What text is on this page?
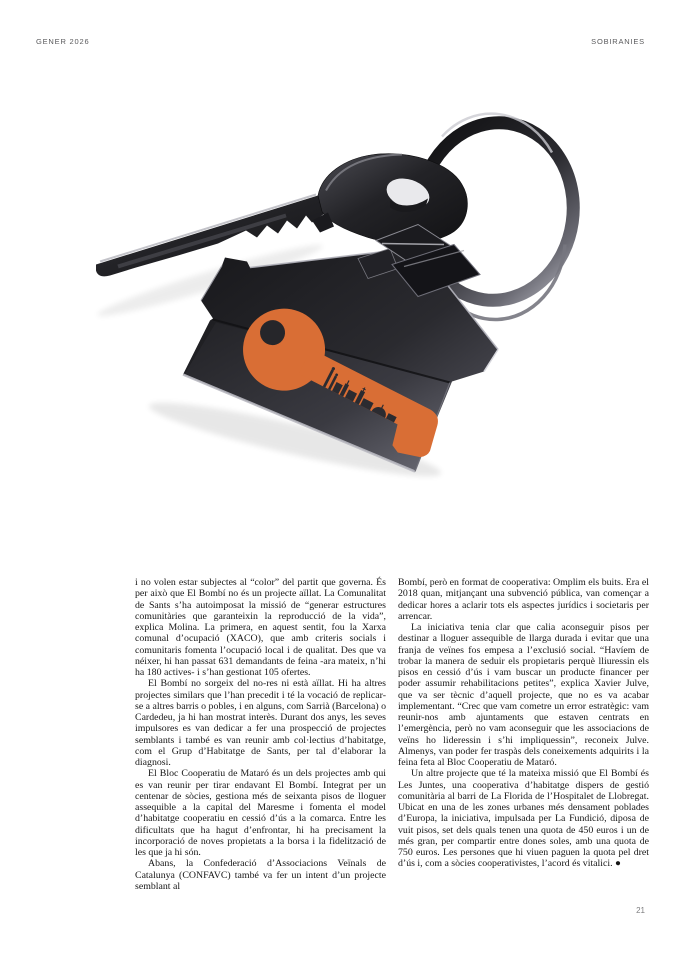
GENER 2026	SOBIRANIES

i no volen estar subjectes al “color” del partit que governa. És per això que El Bombí no és un projecte aïllat. La Comunalitat de Sants s’ha autoimposat la missió de “generar estructures comunitàries que garanteixin la reproducció de la vida”, explica Molina. La primera, en aquest sentit, fou la Xarxa comunal d’ocupació (XACO), que amb criteris socials i comunitaris fomenta l’ocupació local i de qualitat. Des que va néixer, hi han passat 631 demandants de feina -ara mateix, n’hi ha 180 actives- i s’han gestionat 105 ofertes.

El Bombí no sorgeix del no-res ni està aïllat. Hi ha altres projectes similars que l’han precedit i té la vocació de replicar-se a altres barris o pobles, i en alguns, com Sarrià (Barcelona) o Cardedeu, ja hi han mostrat interès. Durant dos anys, les seves impulsores es van dedicar a fer una prospecció de projectes semblants i també es van reunir amb col·lectius d’habitatge, com el Grup d’Habitatge de Sants, per tal d’elaborar la diagnosi.

El Bloc Cooperatiu de Mataró és un dels projectes amb qui es van reunir per tirar endavant El Bombí. Integrat per un centenar de sòcies, gestiona més de seixanta pisos de lloguer assequible a la capital del Maresme i fomenta el model d’habitatge cooperatiu en cessió d’ús a la comarca. Entre les dificultats que ha hagut d’enfrontar, hi ha precisament la incorporació de noves propietats a la borsa i la fidelització de les que ja hi són.

Abans, la Confederació d’Associacions Veïnals de Catalunya (CONFAVC) també va fer un intent d’un projecte semblant al

Bombí, però en format de cooperativa: Omplim els buits. Era el 2018 quan, mitjançant una subvenció pública, van començar a dedicar hores a aclarir tots els aspectes jurídics i societaris per arrencar.

La iniciativa tenia clar que calia aconseguir pisos per destinar a lloguer assequible de llarga durada i evitar que una franja de veïnes fos empesa a l’exclusió social. “Havíem de trobar la manera de seduir els propietaris perquè lliuressin els pisos en cessió d’ús i vam buscar un producte financer per poder assumir rehabilitacions petites”, explica Xavier Julve, que va ser tècnic d’aquell projecte, que no es va acabar implementant. “Crec que vam cometre un error estratègic: vam reunir-nos amb ajuntaments que estaven centrats en l’emergència, però no vam aconseguir que les associacions de veïns ho lideressin i s’hi impliquessin”, reconeix Julve. Almenys, van poder fer traspàs dels coneixements adquirits i la feina feta al Bloc Cooperatiu de Mataró.

Un altre projecte que té la mateixa missió que El Bombí és Les Juntes, una cooperativa d’habitatge dispers de gestió comunitària al barri de La Florida de l’Hospitalet de Llobregat. Ubicat en una de les zones urbanes més densament poblades d’Europa, la iniciativa, impulsada per La Fundició, diposa de vuit pisos, set dels quals tenen una quota de 450 euros i un de més gran, per compartir entre dones soles, amb una quota de 750 euros. Les persones que hi viuen paguen la quota pel dret d’ús i, com a sòcies cooperativistes, l’acord és vitalici. ●

21
